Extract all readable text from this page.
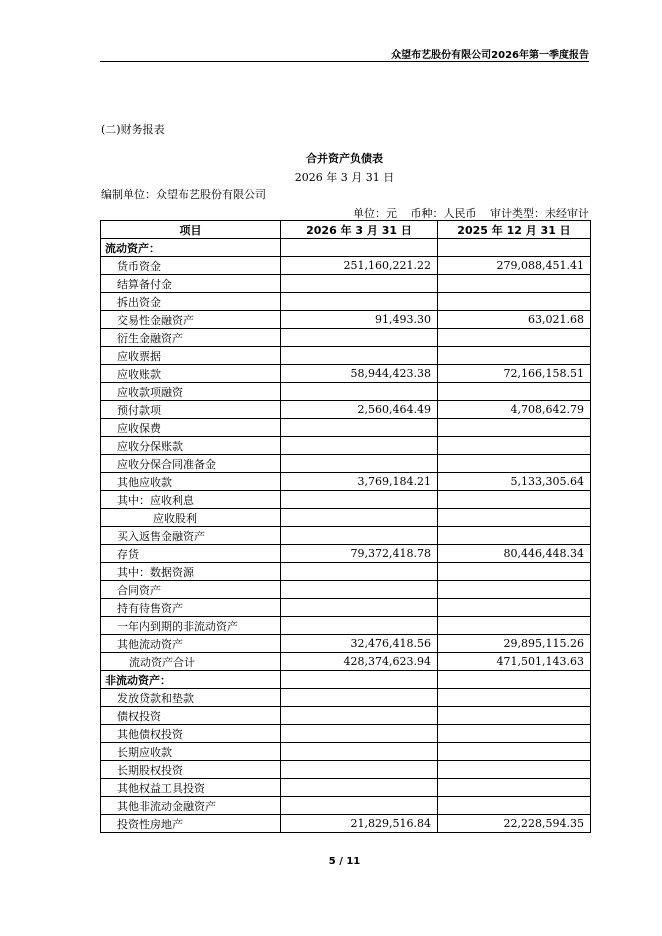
众望布艺股份有限公司2026年第一季度报告
(二)财务报表
合并资产负债表
2026 年 3 月 31 日
编制单位：众望布艺股份有限公司
单位：元 币种：人民币 审计类型：未经审计
项目	2026 年 3 月 31 日	2025 年 12 月 31 日
流动资产：		
货币资金	251,160,221.22	279,088,451.41
结算备付金		
拆出资金		
交易性金融资产	91,493.30	63,021.68
衍生金融资产		
应收票据		
应收账款	58,944,423.38	72,166,158.51
应收款项融资		
预付款项	2,560,464.49	4,708,642.79
应收保费		
应收分保账款		
应收分保合同准备金		
其他应收款	3,769,184.21	5,133,305.64
其中：应收利息		
应收股利		
买入返售金融资产		
存货	79,372,418.78	80,446,448.34
其中：数据资源		
合同资产		
持有待售资产		
一年内到期的非流动资产		
其他流动资产	32,476,418.56	29,895,115.26
流动资产合计	428,374,623.94	471,501,143.63
非流动资产：		
发放贷款和垫款		
债权投资		
其他债权投资		
长期应收款		
长期股权投资		
其他权益工具投资		
其他非流动金融资产		
投资性房地产	21,829,516.84	22,228,594.35
5 / 11
